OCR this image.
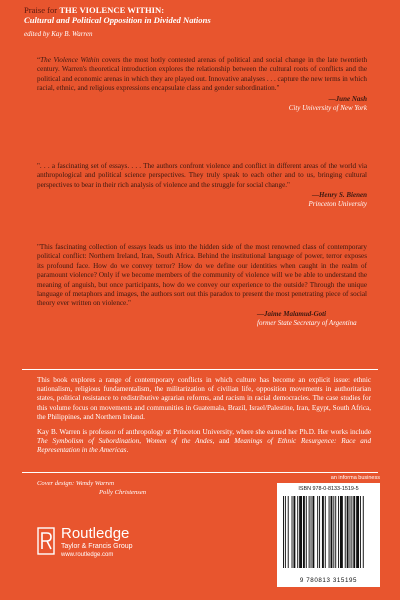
Praise for THE VIOLENCE WITHIN:
Cultural and Political Opposition in Divided Nations
edited by Kay B. Warren
“The Violence Within covers the most hotly contested arenas of political and social change in the late twentieth century. Warren's theoretical introduction explores the relationship between the cultural roots of conflicts and the political and economic arenas in which they are played out. Innovative analyses . . . capture the new terms in which racial, ethnic, and religious expressions encapsulate class and gender subordination."
—June Nash
City University of New York
". . . a fascinating set of essays. . . . The authors confront violence and conflict in different areas of the world via anthropological and political science perspectives. They truly speak to each other and to us, bringing cultural perspectives to bear in their rich analysis of violence and the struggle for social change."
—Henry S. Bienen
Princeton University
"This fascinating collection of essays leads us into the hidden side of the most renowned class of contemporary political conflict: Northern Ireland, Iran, South Africa. Behind the institutional language of power, terror exposes its profound face. How do we convey terror? How do we define our identities when caught in the realm of paramount violence? Only if we become members of the community of violence will we be able to understand the meaning of anguish, but once participants, how do we convey our experience to the outside? Through the unique language of metaphors and images, the authors sort out this paradox to present the most penetrating piece of social theory ever written on violence."
—Jaime Malamud-Goti
former State Secretary of Argentina

This book explores a range of contemporary conflicts in which culture has become an explicit issue: ethnic nationalism, religious fundamentalism, the militarization of civilian life, opposition movements in authoritarian states, political resistance to redistributive agrarian reforms, and racism in racial democracies. The case studies for this volume focus on movements and communities in Guatemala, Brazil, Israel/Palestine, Iran, Egypt, South Africa, the Philippines, and Northern Ireland.

Kay B. Warren is professor of anthropology at Princeton University, where she earned her Ph.D. Her works include The Symbolism of Subordination, Women of the Andes, and Meanings of Ethnic Resurgence: Race and Representation in the Americas.

Cover design: Wendy Warren
Polly Christensen
Routledge
Taylor & Francis Group
www.routledge.com
an informa business
ISBN 978-0-8133-1519-5
9 780813 315195
